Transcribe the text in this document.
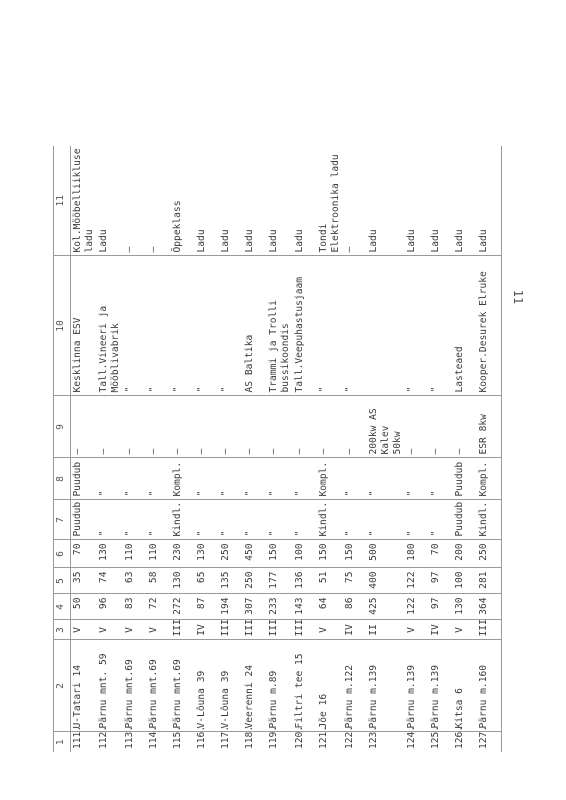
11
1	2	3	4	5	6	7	8	9	10	11
111.	U-Tatari 14	V	50	35	70	Puudub	Puudub	—	Kesklinna ESV	Kol.Mööbelliikluse ladu
112.	Pärnu mnt. 59	V	96	74	130	"	"	—	Tall.Vineeri ja Mööblivabrik	Ladu
113.	Pärnu mnt.69	V	83	63	110	"	"	—	"	—
114.	Pärnu mnt.69	V	72	58	110	"	"	—	"	—
115.	Pärnu mnt.69	III	272	130	230	Kindl.	Kompl.	—	"	Õppeklass
116.	V-Lõuna 39	IV	87	65	130	"	"	—	"	Ladu
117.	V-Lõuna 39	III	194	135	250	"	"	—	"	Ladu
118.	Veerenni 24	III	307	250	450	"	"	—	AS Baltika	Ladu
119.	Pärnu m.89	III	233	177	150	"	"	—	Trammi ja Trolli bussikoondis	Ladu
120.	Filtri tee 15	III	143	136	100	"	"	—	Tall.Veepuhastusjaam	Ladu
121.	Jõe 16	V	64	51	150	Kindl.	Kompl.	—	"	Tondi Elektroonika ladu
122.	Pärnu m.122	IV	86	75	150	"	"	—	"	—
123.	Pärnu m.139	II	425	400	500	"	"	200kw AS Kalev 50kw		Ladu
124.	Pärnu m.139	V	122	122	180	"	"	—	"	Ladu
125.	Pärnu m.139	IV	97	97	70	"	"	—	"	Ladu
126.	Kitsa 6	V	130	100	200	Puudub	Puudub	—	Lasteaed	Ladu
127.	Pärnu m.160	III	364	281	250	Kindl.	Kompl.	ESR 8kw	Kooper.Desurek Elruke	Ladu
